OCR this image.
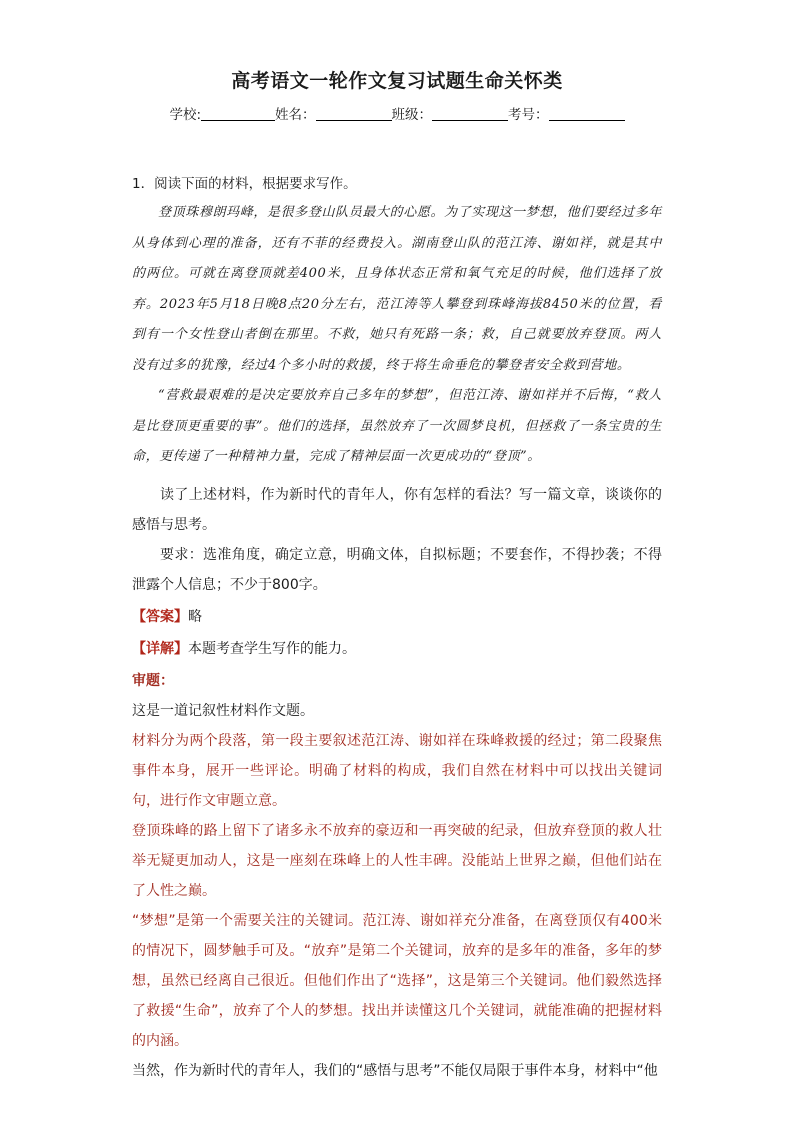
高考语文一轮作文复习试题生命关怀类
学校:	姓名：	班级：	考号：
1．阅读下面的材料，根据要求写作。

登顶珠穆朗玛峰，是很多登山队员最大的心愿。为了实现这一梦想，他们要经过多年从身体到心理的准备，还有不菲的经费投入。湖南登山队的范江涛、谢如祥，就是其中的两位。可就在离登顶就差400米，且身体状态正常和氧气充足的时候，他们选择了放弃。2023年5月18日晚8点20分左右，范江涛等人攀登到珠峰海拔8450米的位置，看到有一个女性登山者倒在那里。不救，她只有死路一条；救，自己就要放弃登顶。两人没有过多的犹豫，经过4个多小时的救援，终于将生命垂危的攀登者安全救到营地。

“营救最艰难的是决定要放弃自己多年的梦想”，但范江涛、谢如祥并不后悔，“救人是比登顶更重要的事”。他们的选择，虽然放弃了一次圆梦良机，但拯救了一条宝贵的生命，更传递了一种精神力量，完成了精神层面一次更成功的“登顶”。

读了上述材料，作为新时代的青年人，你有怎样的看法？写一篇文章，谈谈你的感悟与思考。

要求：选准角度，确定立意，明确文体，自拟标题；不要套作，不得抄袭；不得泄露个人信息；不少于800字。

【答案】略
【详解】本题考查学生写作的能力。

审题：

这是一道记叙性材料作文题。

材料分为两个段落，第一段主要叙述范江涛、谢如祥在珠峰救援的经过；第二段聚焦事件本身，展开一些评论。明确了材料的构成，我们自然在材料中可以找出关键词句，进行作文审题立意。

登顶珠峰的路上留下了诸多永不放弃的豪迈和一再突破的纪录，但放弃登顶的救人壮举无疑更加动人，这是一座刻在珠峰上的人性丰碑。没能站上世界之巅，但他们站在了人性之巅。

“梦想”是第一个需要关注的关键词。范江涛、谢如祥充分准备，在离登顶仅有400米的情况下，圆梦触手可及。“放弃”是第二个关键词，放弃的是多年的准备，多年的梦想，虽然已经离自己很近。但他们作出了“选择”，这是第三个关键词。他们毅然选择了救援“生命”，放弃了个人的梦想。找出并读懂这几个关键词，就能准确的把握材料的内涵。

当然，作为新时代的青年人，我们的“感悟与思考”不能仅局限于事件本身，材料中“他
